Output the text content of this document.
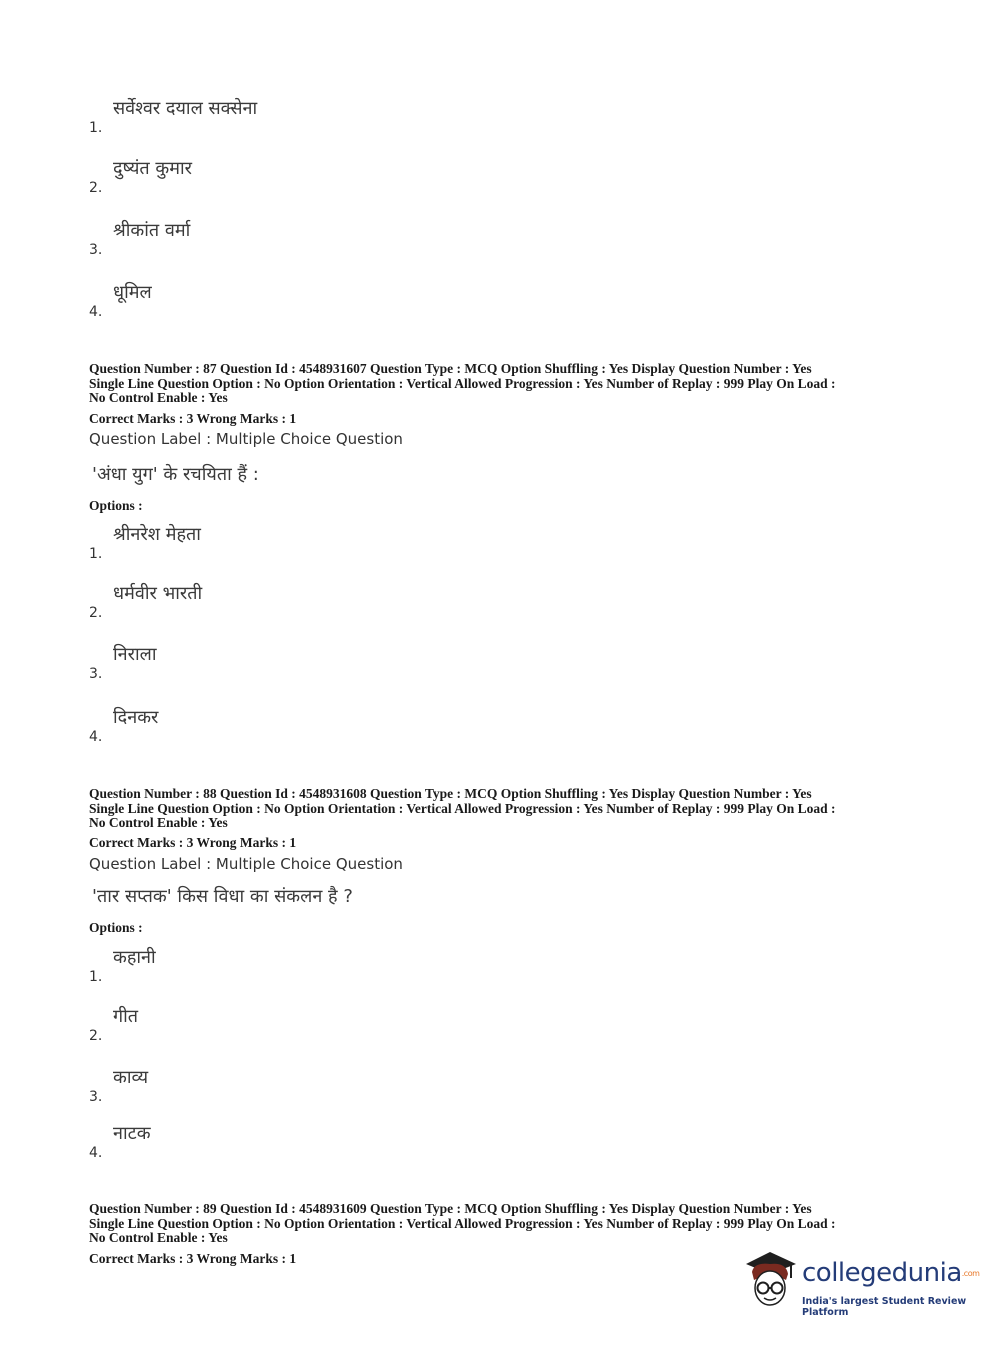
1.
सर्वेश्वर दयाल सक्सेना
2.
दुष्यंत कुमार
3.
श्रीकांत वर्मा
4.
धूमिल
Question Number : 87 Question Id : 4548931607 Question Type : MCQ Option Shuffling : Yes Display Question Number : Yes
Single Line Question Option : No Option Orientation : Vertical Allowed Progression : Yes Number of Replay : 999 Play On Load :
No Control Enable : Yes
Correct Marks : 3 Wrong Marks : 1
Question Label : Multiple Choice Question
'अंधा युग' के रचयिता हैं :
Options :
1.
श्रीनरेश मेहता
2.
धर्मवीर भारती
3.
निराला
4.
दिनकर
Question Number : 88 Question Id : 4548931608 Question Type : MCQ Option Shuffling : Yes Display Question Number : Yes
Single Line Question Option : No Option Orientation : Vertical Allowed Progression : Yes Number of Replay : 999 Play On Load :
No Control Enable : Yes
Correct Marks : 3 Wrong Marks : 1
Question Label : Multiple Choice Question
'तार सप्तक' किस विधा का संकलन है ?
Options :
1.
कहानी
2.
गीत
3.
काव्य
4.
नाटक
Question Number : 89 Question Id : 4548931609 Question Type : MCQ Option Shuffling : Yes Display Question Number : Yes
Single Line Question Option : No Option Orientation : Vertical Allowed Progression : Yes Number of Replay : 999 Play On Load :
No Control Enable : Yes
Correct Marks : 3 Wrong Marks : 1	collegedunia.com
India's largest Student Review Platform
